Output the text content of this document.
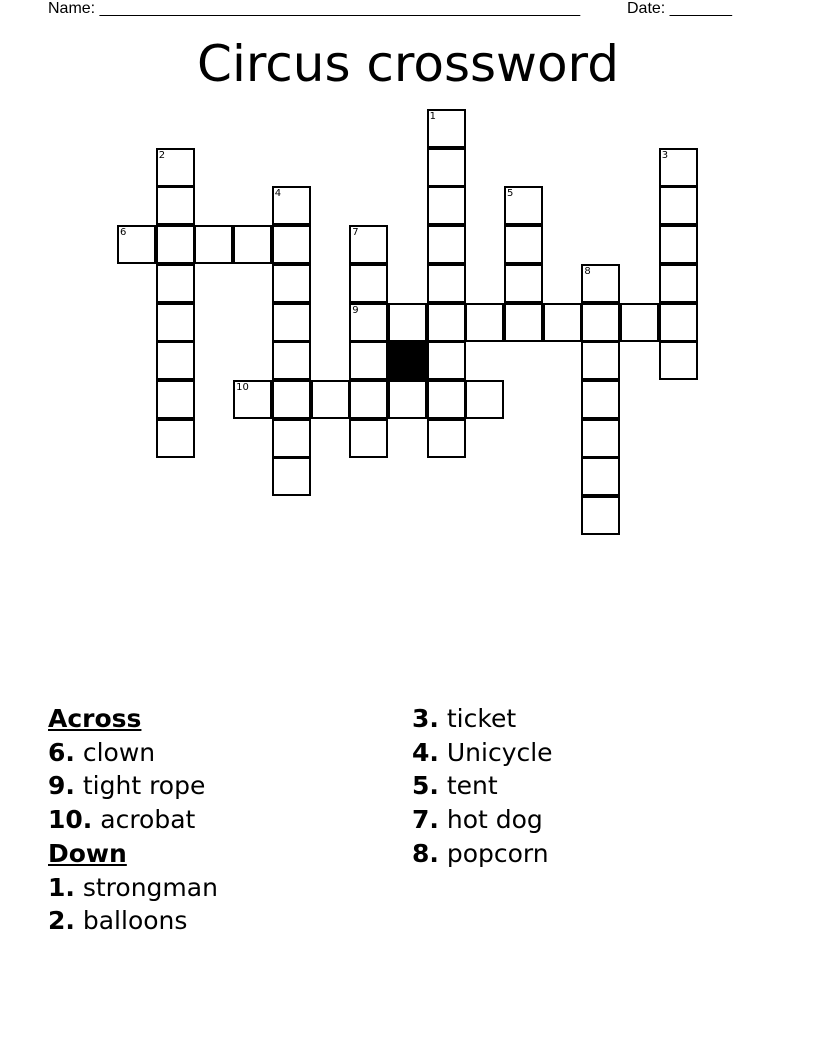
Name: ______________________________________________________	Date: _______
Circus crossword
1
2	3
4	5
6	7
8
9
10
Across
6. clown
9. tight rope
10. acrobat
Down
1. strongman
2. balloons
3. ticket
4. Unicycle
5. tent
7. hot dog
8. popcorn
